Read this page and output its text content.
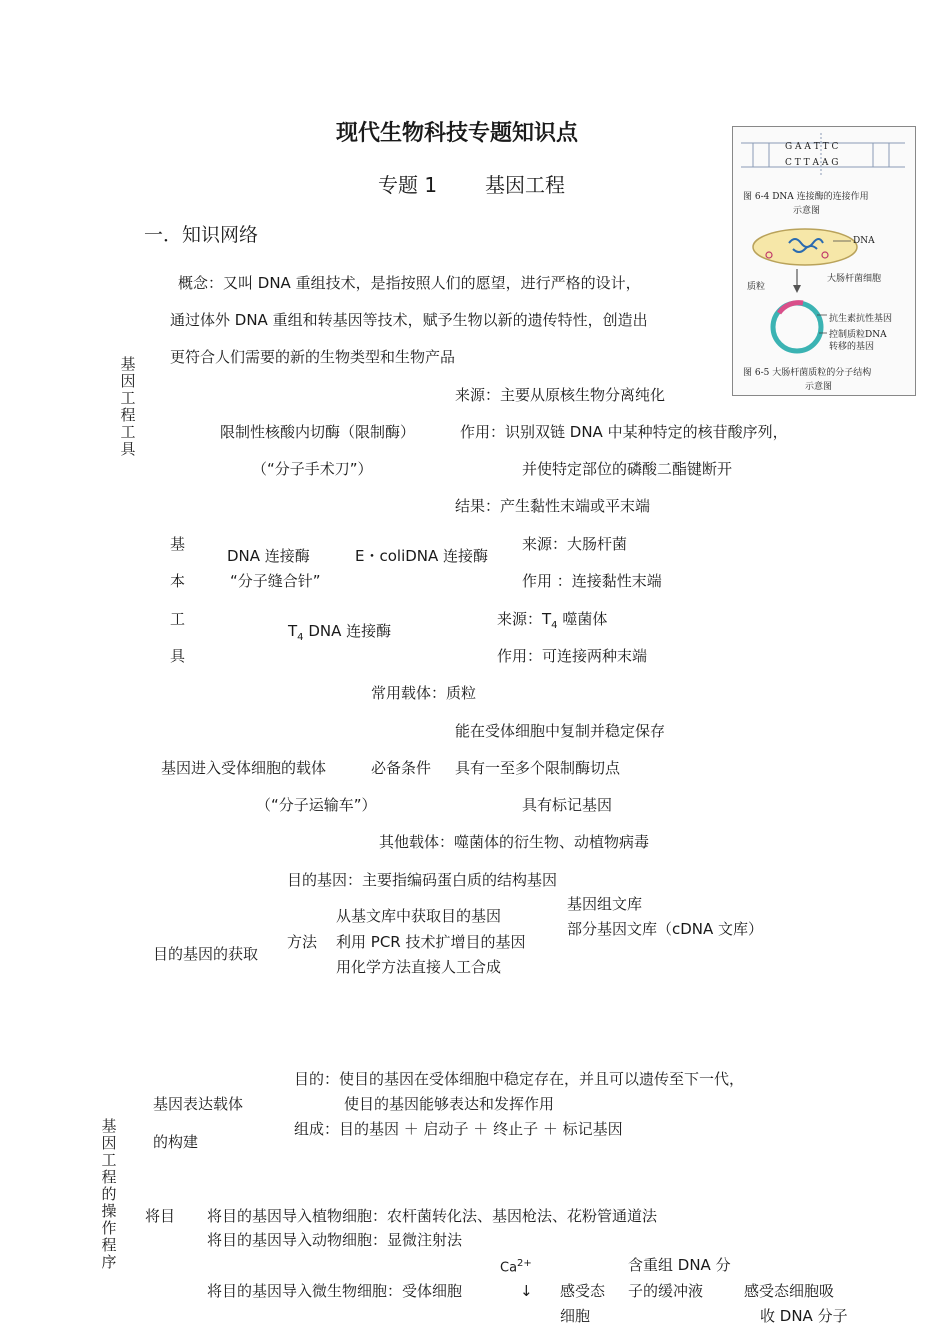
现代生物科技专题知识点
专题 1 基因工程
一．知识网络
概念：又叫 DNA 重组技术，是指按照人们的愿望，进行严格的设计，
通过体外 DNA 重组和转基因等技术，赋予生物以新的遗传特性，创造出
更符合人们需要的新的生物类型和生物产品
基因工程工具
基因工程的操作程序
来源：主要从原核生物分离纯化
限制性核酸内切酶（限制酶）	作用：识别双链 DNA 中某种特定的核苷酸序列，
（“分子手术刀”）	并使特定部位的磷酸二酯键断开
结果：产生黏性末端或平末端
基
本
工
具
DNA 连接酶	E・coliDNA 连接酶
来源：大肠杆菌
“分子缝合针”	作用 ：连接黏性末端
来源：$T_4$ 噬菌体
$T_4$ DNA 连接酶
作用：可连接两种末端
常用载体：质粒
能在受体细胞中复制并稳定保存
基因进入受体细胞的载体	必备条件 具有一至多个限制酶切点
（“分子运输车”）	具有标记基因
其他载体：噬菌体的衍生物、动植物病毒
目的基因：主要指编码蛋白质的结构基因
基因组文库
从基文库中获取目的基因
方法
部分基因文库（cDNA 文库）
利用 PCR 技术扩增目的基因
目的基因的获取
用化学方法直接人工合成
目的：使目的基因在受体细胞中稳定存在，并且可以遗传至下一代，
基因表达载体	使目的基因能够表达和发挥作用
组成：目的基因 ＋ 启动子 ＋ 终止子 ＋ 标记基因
的构建
将目 将目的基因导入植物细胞：农杆菌转化法、基因枪法、花粉管通道法
将目的基因导入动物细胞：显微注射法
$Ca^{2+}$	含重组 DNA 分
将目的基因导入微生物细胞：受体细胞	↓ 感受态 子的缓冲液	感受态细胞吸
细胞	收 DNA 分子
G A A T T C
C T T A A G
图 6-4 DNA 连接酶的连接作用
示意图
DNA
大肠杆菌细胞
质粒
抗生素抗性基因
控制质粒DNA
转移的基因
图 6-5 大肠杆菌质粒的分子结构
示意图
